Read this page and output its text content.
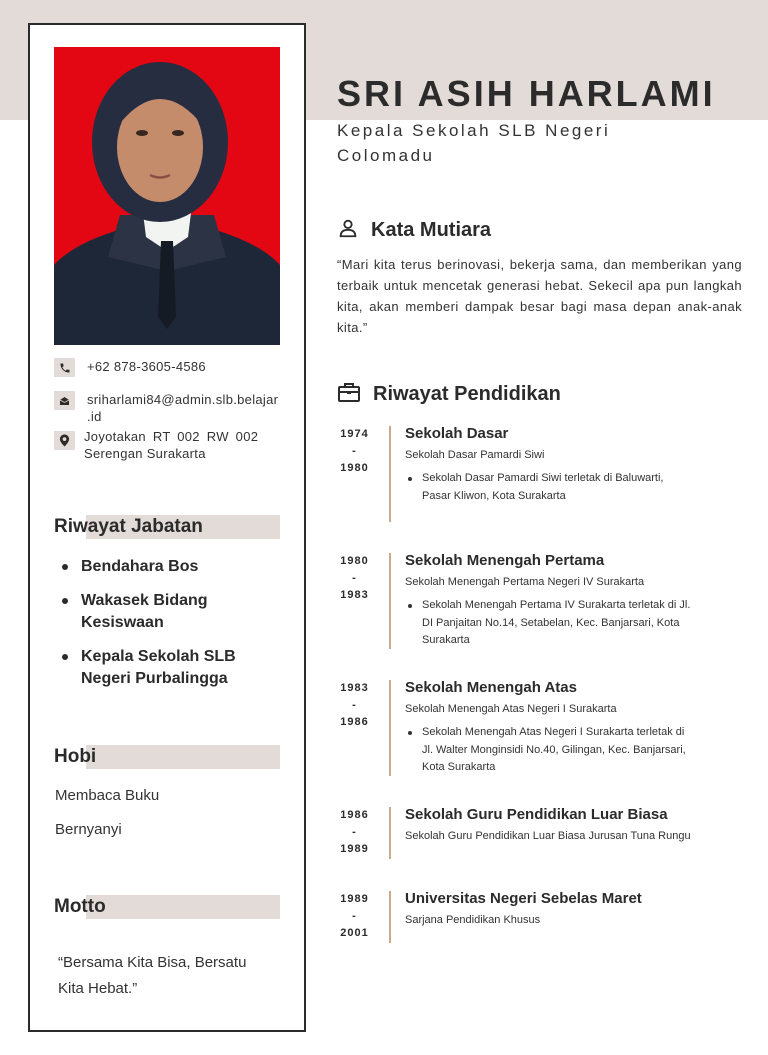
+62 878-3605-4586
sriharlami84@admin.slb.belajar
.id
Joyotakan RT 002 RW 002
Serengan Surakarta
Riwayat Jabatan
Bendahara Bos
Wakasek Bidang
Kesiswaan
Kepala Sekolah SLB
Negeri Purbalingga
Hobi
Membaca Buku
Bernyanyi
Motto
“Bersama Kita Bisa, Bersatu
Kita Hebat.”
SRI ASIH HARLAMI
Kepala Sekolah SLB Negeri Colomadu
Kata Mutiara
“Mari kita terus berinovasi, bekerja sama, dan memberikan yang terbaik untuk mencetak generasi hebat. Sekecil apa pun langkah kita, akan memberi dampak besar bagi masa depan anak-anak kita.”
Riwayat Pendidikan
1974
-
1980
Sekolah Dasar
Sekolah Dasar Pamardi Siwi
Sekolah Dasar Pamardi Siwi terletak di Baluwarti,
Pasar Kliwon, Kota Surakarta
1980
-
1983
Sekolah Menengah Pertama
Sekolah Menengah Pertama Negeri IV Surakarta
Sekolah Menengah Pertama IV Surakarta terletak di Jl.
DI Panjaitan No.14, Setabelan, Kec. Banjarsari, Kota
Surakarta
1983
-
1986
Sekolah Menengah Atas
Sekolah Menengah Atas Negeri I Surakarta
Sekolah Menengah Atas Negeri I Surakarta terletak di
Jl. Walter Monginsidi No.40, Gilingan, Kec. Banjarsari,
Kota Surakarta
1986
-
1989
Sekolah Guru Pendidikan Luar Biasa
Sekolah Guru Pendidikan Luar Biasa Jurusan Tuna Rungu
1989
-
2001
Universitas Negeri Sebelas Maret
Sarjana Pendidikan Khusus
